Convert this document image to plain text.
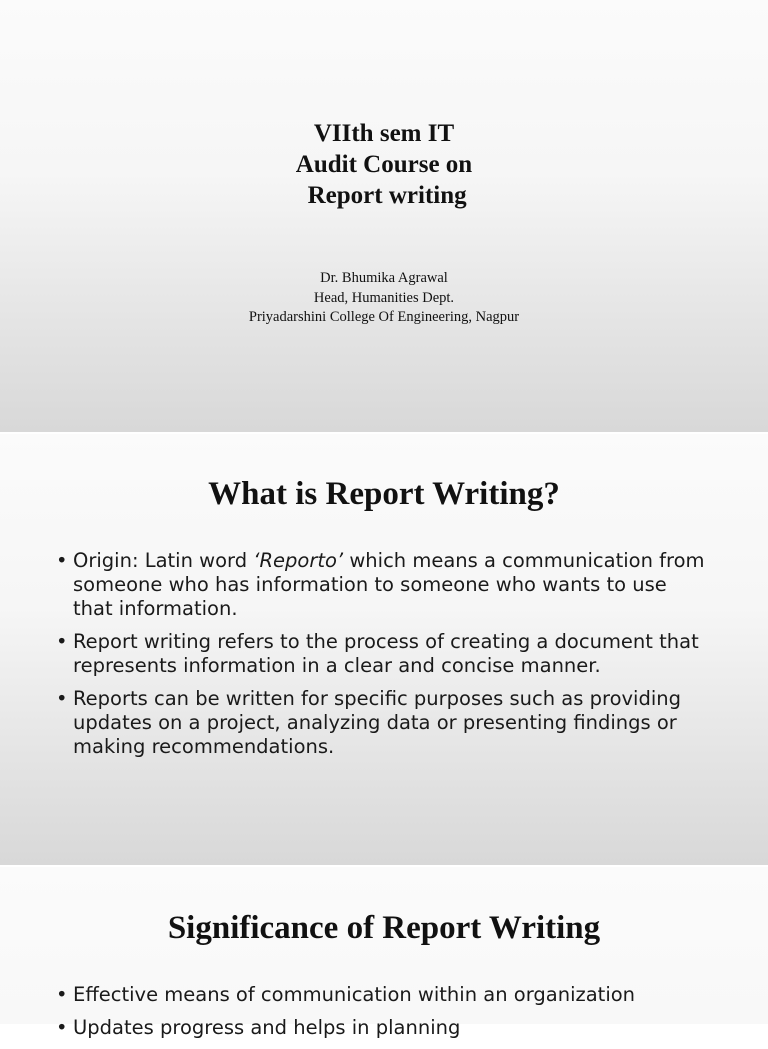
VIIth sem IT
Audit Course on
Report writing
Dr. Bhumika Agrawal
Head, Humanities Dept.
Priyadarshini College Of Engineering, Nagpur
What is Report Writing?
• Origin: Latin word ‘Reporto’ which means a communication from someone who has information to someone who wants to use that information.
• Report writing refers to the process of creating a document that represents information in a clear and concise manner.
• Reports can be written for specific purposes such as providing updates on a project, analyzing data or presenting findings or making recommendations.
Significance of Report Writing
• Effective means of communication within an organization
• Updates progress and helps in planning
